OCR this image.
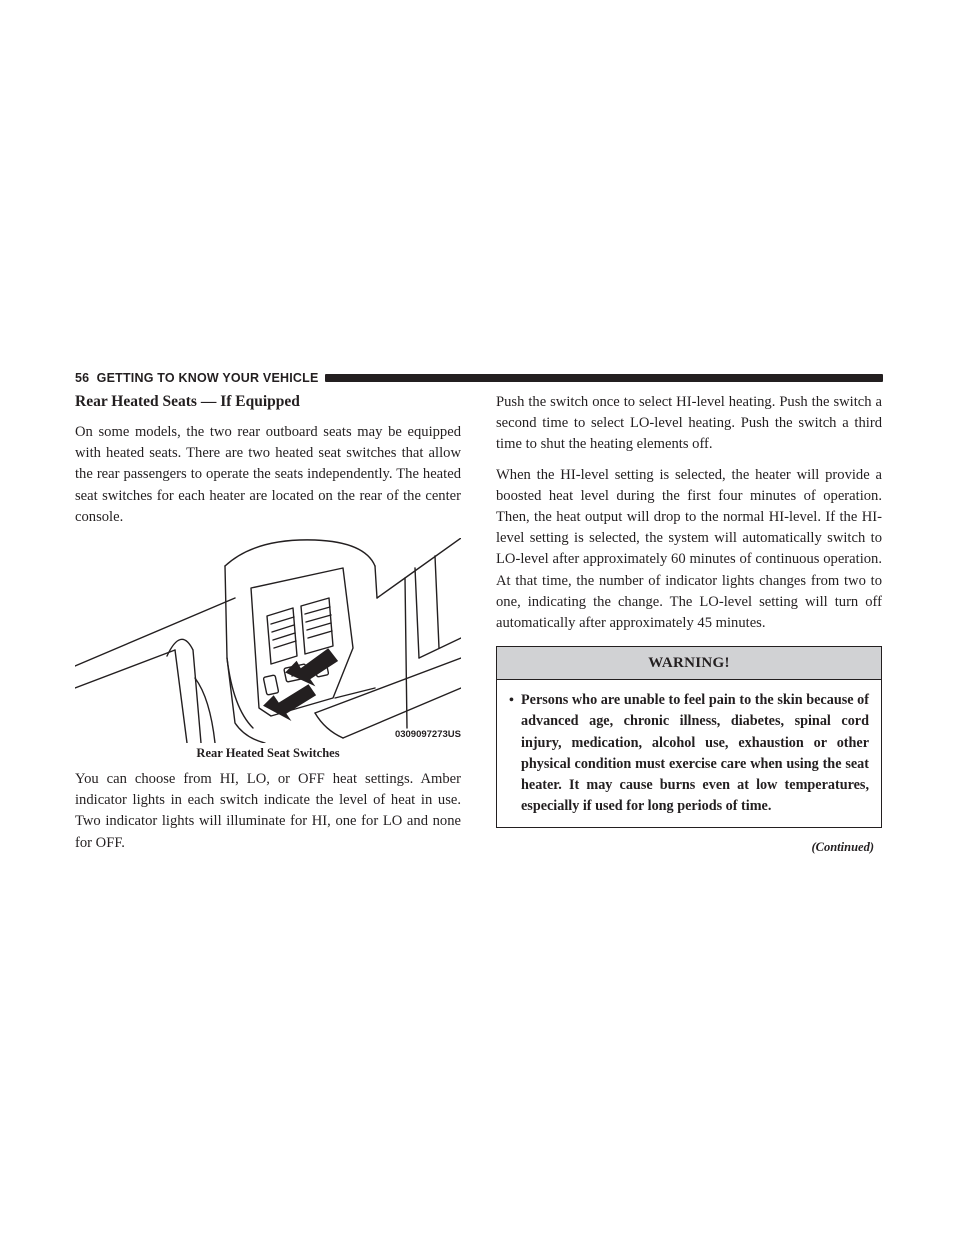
56 GETTING TO KNOW YOUR VEHICLE
Rear Heated Seats — If Equipped

On some models, the two rear outboard seats may be equipped with heated seats. There are two heated seat switches that allow the rear passengers to operate the seats independently. The heated seat switches for each heater are located on the rear of the center console.

0309097273US
Rear Heated Seat Switches

You can choose from HI, LO, or OFF heat settings. Amber indicator lights in each switch indicate the level of heat in use. Two indicator lights will illuminate for HI, one for LO and none for OFF.

Push the switch once to select HI-level heating. Push the switch a second time to select LO-level heating. Push the switch a third time to shut the heating elements off.

When the HI-level setting is selected, the heater will provide a boosted heat level during the first four minutes of operation. Then, the heat output will drop to the normal HI-level. If the HI-level setting is selected, the system will automatically switch to LO-level after approximately 60 minutes of continuous operation. At that time, the number of indicator lights changes from two to one, indicating the change. The LO-level setting will turn off automatically after approximately 45 minutes.

WARNING!
• Persons who are unable to feel pain to the skin because of advanced age, chronic illness, diabetes, spinal cord injury, medication, alcohol use, exhaustion or other physical condition must exercise care when using the seat heater. It may cause burns even at low temperatures, especially if used for long periods of time.
(Continued)
